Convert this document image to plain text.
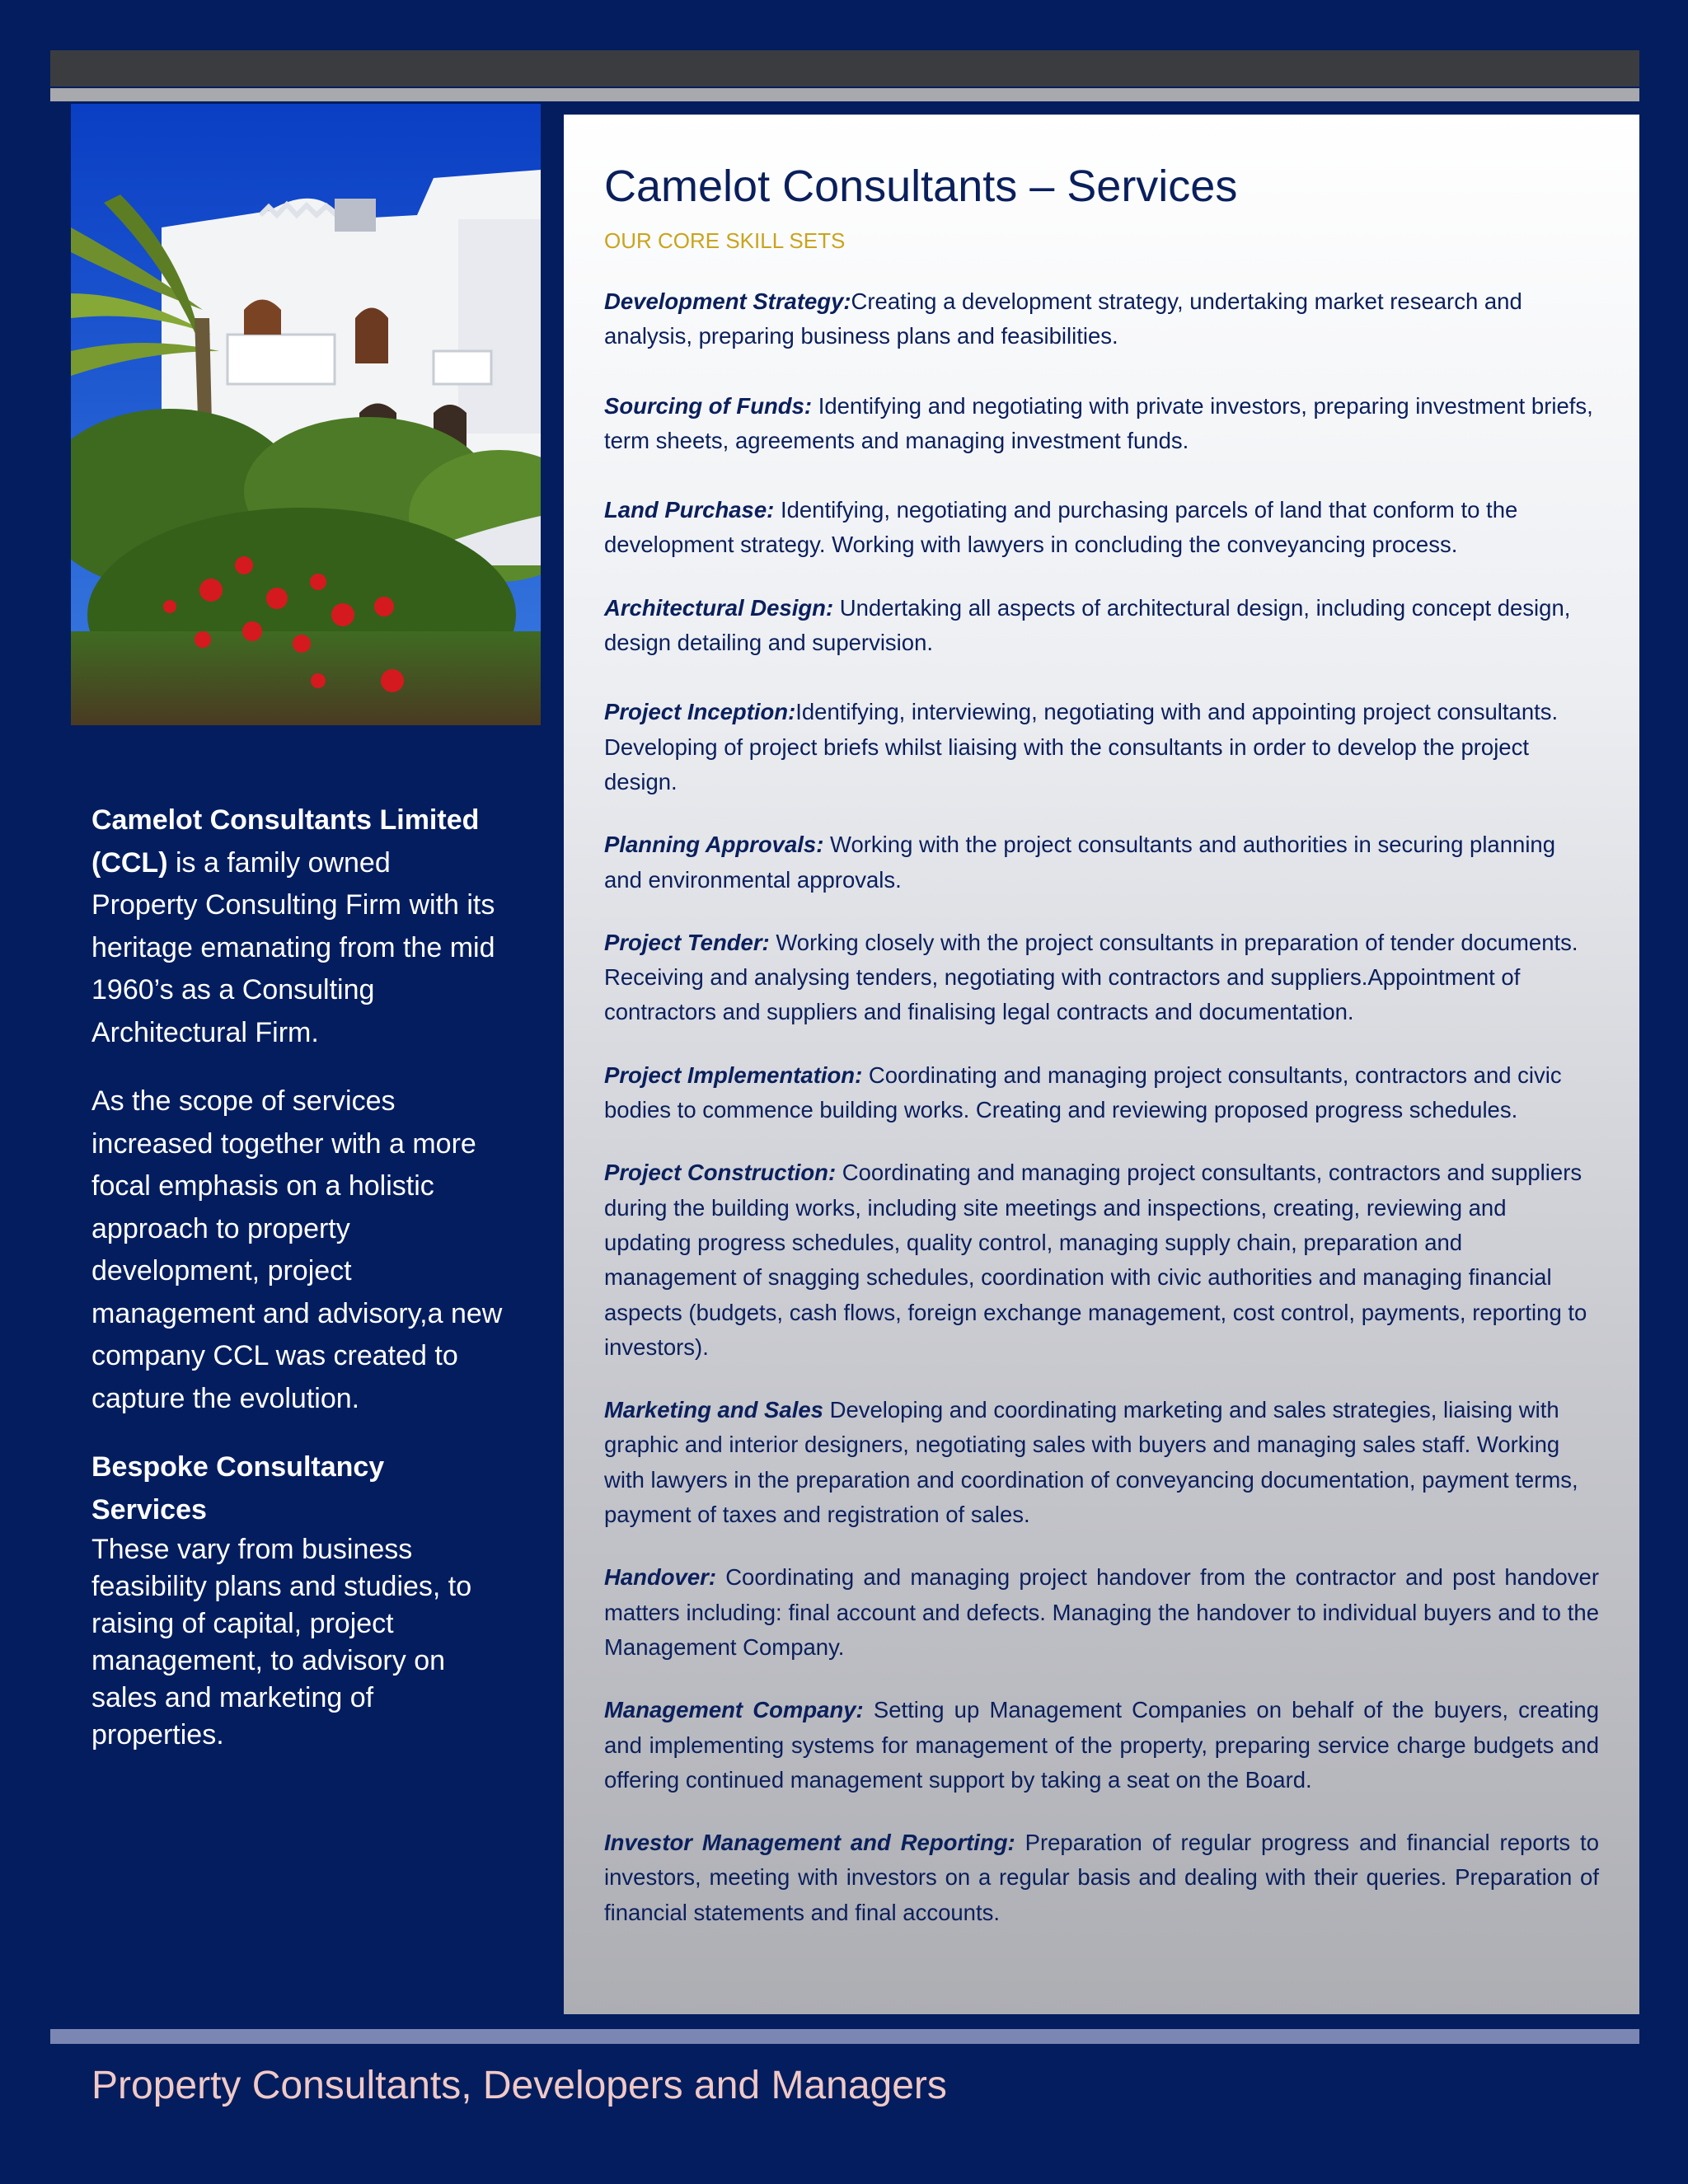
Camelot Consultants Limited (CCL) is a family owned Property Consulting Firm with its heritage emanating from the mid 1960’s as a Consulting Architectural Firm.

As the scope of services increased together with a more focal emphasis on a holistic approach to property development, project management and advisory,a new company CCL was created to capture the evolution.

Bespoke Consultancy Services
These vary from business feasibility plans and studies, to raising of capital, project management, to advisory on sales and marketing of properties.

Camelot Consultants – Services
OUR CORE SKILL SETS

Development Strategy:Creating a development strategy, undertaking market research and analysis, preparing business plans and feasibilities.

Sourcing of Funds: Identifying and negotiating with private investors, preparing investment briefs, term sheets, agreements and managing investment funds.

Land Purchase: Identifying, negotiating and purchasing parcels of land that conform to the development strategy. Working with lawyers in concluding the conveyancing process.

Architectural Design: Undertaking all aspects of architectural design, including concept design, design detailing and supervision.

Project Inception:Identifying, interviewing, negotiating with and appointing project consultants. Developing of project briefs whilst liaising with the consultants in order to develop the project design.

Planning Approvals: Working with the project consultants and authorities in securing planning and environmental approvals.

Project Tender: Working closely with the project consultants in preparation of tender documents. Receiving and analysing tenders, negotiating with contractors and suppliers.Appointment of contractors and suppliers and finalising legal contracts and documentation.

Project Implementation: Coordinating and managing project consultants, contractors and civic bodies to commence building works. Creating and reviewing proposed progress schedules.

Project Construction: Coordinating and managing project consultants, contractors and suppliers during the building works, including site meetings and inspections, creating, reviewing and updating progress schedules, quality control, managing supply chain, preparation and management of snagging schedules, coordination with civic authorities and managing financial aspects (budgets, cash flows, foreign exchange management, cost control, payments, reporting to investors).

Marketing and Sales Developing and coordinating marketing and sales strategies, liaising with graphic and interior designers, negotiating sales with buyers and managing sales staff. Working with lawyers in the preparation and coordination of conveyancing documentation, payment terms, payment of taxes and registration of sales.

Handover: Coordinating and managing project handover from the contractor and post handover matters including: final account and defects. Managing the handover to individual buyers and to the Management Company.

Management Company: Setting up Management Companies on behalf of the buyers, creating and implementing systems for management of the property, preparing service charge budgets and offering continued management support by taking a seat on the Board.

Investor Management and Reporting: Preparation of regular progress and financial reports to investors, meeting with investors on a regular basis and dealing with their queries. Preparation of financial statements and final accounts.

Property Consultants, Developers and Managers
